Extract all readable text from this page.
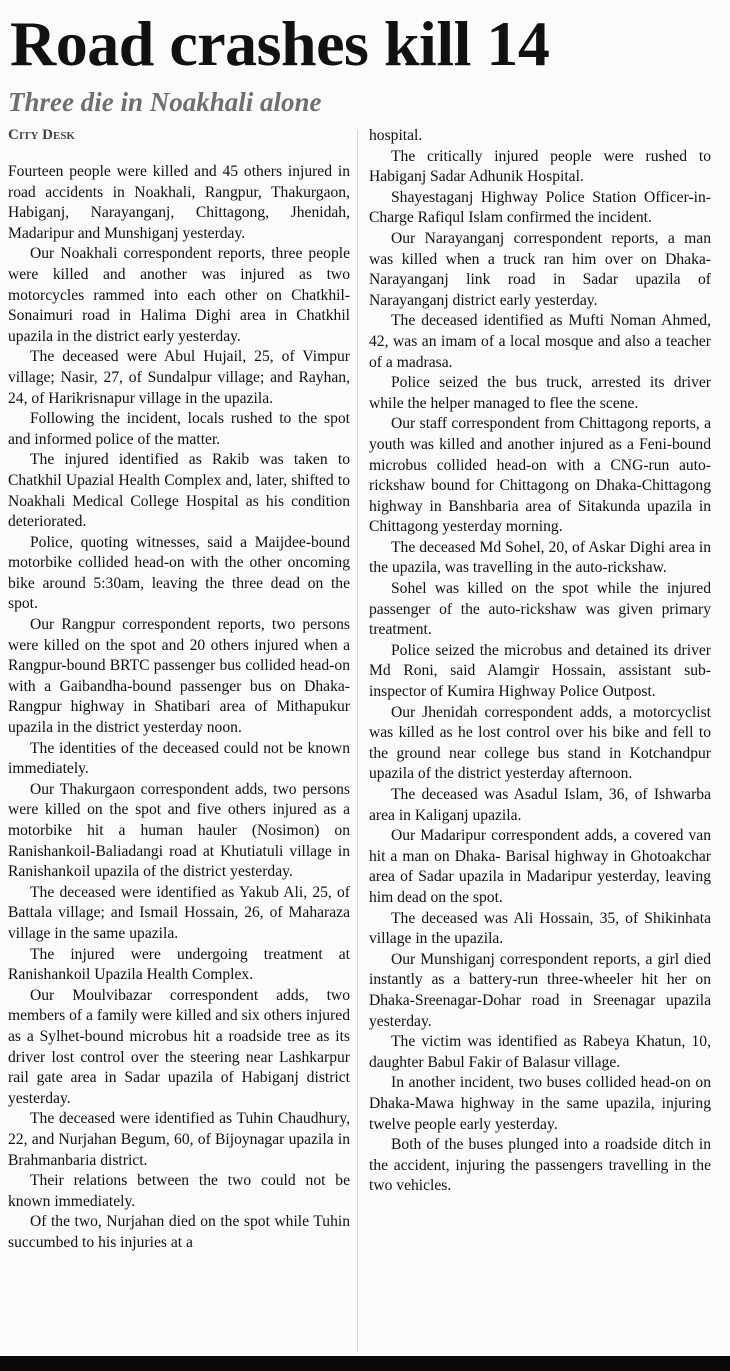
Road crashes kill 14
Three die in Noakhali alone
City Desk

Fourteen people were killed and 45 others injured in road accidents in Noakhali, Rangpur, Thakurgaon, Habiganj, Narayanganj, Chittagong, Jhenidah, Madaripur and Munshiganj yesterday.

Our Noakhali correspondent reports, three people were killed and another was injured as two motorcycles rammed into each other on Chatkhil-Sonaimuri road in Halima Dighi area in Chatkhil upazila in the district early yesterday.

The deceased were Abul Hujail, 25, of Vimpur village; Nasir, 27, of Sundalpur village; and Rayhan, 24, of Harikrisnapur village in the upazila.

Following the incident, locals rushed to the spot and informed police of the matter.

The injured identified as Rakib was taken to Chatkhil Upazial Health Complex and, later, shifted to Noakhali Medical College Hospital as his condition deteriorated.

Police, quoting witnesses, said a Maijdee-bound motorbike collided head-on with the other oncoming bike around 5:30am, leaving the three dead on the spot.

Our Rangpur correspondent reports, two persons were killed on the spot and 20 others injured when a Rangpur-bound BRTC passenger bus collided head-on with a Gaibandha-bound passenger bus on Dhaka-Rangpur highway in Shatibari area of Mithapukur upazila in the district yesterday noon.

The identities of the deceased could not be known immediately.

Our Thakurgaon correspondent adds, two persons were killed on the spot and five others injured as a motorbike hit a human hauler (Nosimon) on Ranishankoil-Baliadangi road at Khutiatuli village in Ranishankoil upazila of the district yesterday.

The deceased were identified as Yakub Ali, 25, of Battala village; and Ismail Hossain, 26, of Maharaza village in the same upazila.

The injured were undergoing treatment at Ranishankoil Upazila Health Complex.

Our Moulvibazar correspondent adds, two members of a family were killed and six others injured as a Sylhet-bound microbus hit a roadside tree as its driver lost control over the steering near Lashkarpur rail gate area in Sadar upazila of Habiganj district yesterday.

The deceased were identified as Tuhin Chaudhury, 22, and Nurjahan Begum, 60, of Bijoynagar upazila in Brahmanbaria district.

Their relations between the two could not be known immediately.

Of the two, Nurjahan died on the spot while Tuhin succumbed to his injuries at a

hospital.

The critically injured people were rushed to Habiganj Sadar Adhunik Hospital.

Shayestaganj Highway Police Station Officer-in-Charge Rafiqul Islam confirmed the incident.

Our Narayanganj correspondent reports, a man was killed when a truck ran him over on Dhaka-Narayanganj link road in Sadar upazila of Narayanganj district early yesterday.

The deceased identified as Mufti Noman Ahmed, 42, was an imam of a local mosque and also a teacher of a madrasa.

Police seized the bus truck, arrested its driver while the helper managed to flee the scene.

Our staff correspondent from Chittagong reports, a youth was killed and another injured as a Feni-bound microbus collided head-on with a CNG-run auto-rickshaw bound for Chittagong on Dhaka-Chittagong highway in Banshbaria area of Sitakunda upazila in Chittagong yesterday morning.

The deceased Md Sohel, 20, of Askar Dighi area in the upazila, was travelling in the auto-rickshaw.

Sohel was killed on the spot while the injured passenger of the auto-rickshaw was given primary treatment.

Police seized the microbus and detained its driver Md Roni, said Alamgir Hossain, assistant sub-inspector of Kumira Highway Police Outpost.

Our Jhenidah correspondent adds, a motorcyclist was killed as he lost control over his bike and fell to the ground near college bus stand in Kotchandpur upazila of the district yesterday afternoon.

The deceased was Asadul Islam, 36, of Ishwarba area in Kaliganj upazila.

Our Madaripur correspondent adds, a covered van hit a man on Dhaka- Barisal highway in Ghotoakchar area of Sadar upazila in Madaripur yesterday, leaving him dead on the spot.

The deceased was Ali Hossain, 35, of Shikinhata village in the upazila.

Our Munshiganj correspondent reports, a girl died instantly as a battery-run three-wheeler hit her on Dhaka-Sreenagar-Dohar road in Sreenagar upazila yesterday.

The victim was identified as Rabeya Khatun, 10, daughter Babul Fakir of Balasur village.

In another incident, two buses collided head-on on Dhaka-Mawa highway in the same upazila, injuring twelve people early yesterday.

Both of the buses plunged into a roadside ditch in the accident, injuring the passengers travelling in the two vehicles.
